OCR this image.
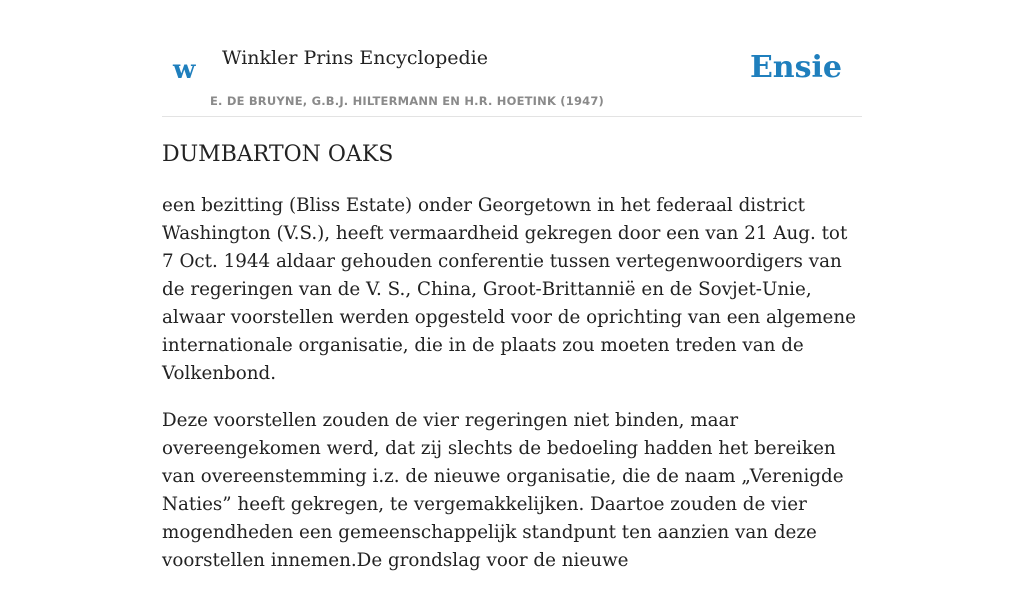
w Winkler Prins Encyclopedie
E. DE BRUYNE, G.B.J. HILTERMANN EN H.R. HOETINK (1947)
Ensie
DUMBARTON OAKS

een bezitting (Bliss Estate) onder Georgetown in het federaal district Washington (V.S.), heeft vermaardheid gekregen door een van 21 Aug. tot 7 Oct. 1944 aldaar gehouden conferentie tussen vertegenwoordigers van de regeringen van de V. S., China, Groot-Brittannië en de Sovjet-Unie, alwaar voorstellen werden opgesteld voor de oprichting van een algemene internationale organisatie, die in de plaats zou moeten treden van de Volkenbond.

Deze voorstellen zouden de vier regeringen niet binden, maar overeengekomen werd, dat zij slechts de bedoeling hadden het bereiken van overeenstemming i.z. de nieuwe organisatie, die de naam „Verenigde Naties” heeft gekregen, te vergemakkelijken. Daartoe zouden de vier mogendheden een gemeenschappelijk standpunt ten aanzien van deze voorstellen innemen.De grondslag voor de nieuwe
